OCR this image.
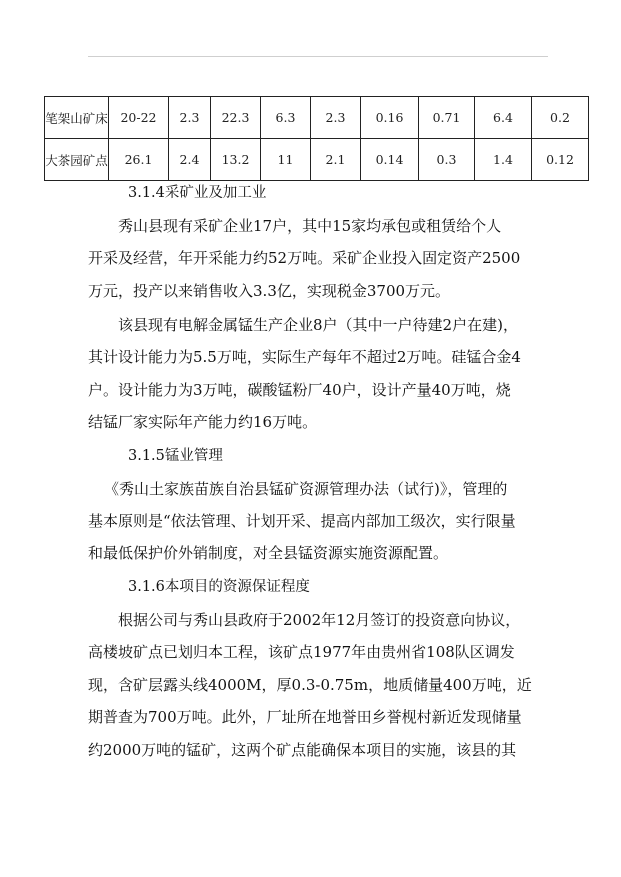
笔架山矿床	20-22	2.3	22.3	6.3	2.3	0.16	0.71	6.4	0.2
大茶园矿点	26.1	2.4	13.2	11	2.1	0.14	0.3	1.4	0.12
3.1.4采矿业及加工业
秀山县现有采矿企业17户，其中15家均承包或租赁给个人
开采及经营，年开采能力约52万吨。采矿企业投入固定资产2500
万元，投产以来销售收入3.3亿，实现税金3700万元。
该县现有电解金属锰生产企业8户（其中一户待建2户在建)，
其计设计能力为5.5万吨，实际生产每年不超过2万吨。硅锰合金4
户。设计能力为3万吨，碳酸锰粉厂40户，设计产量40万吨，烧
结锰厂家实际年产能力约16万吨。
3.1.5锰业管理
《秀山土家族苗族自治县锰矿资源管理办法（试行)》，管理的
基本原则是“依法管理、计划开采、提高内部加工级次，实行限量
和最低保护价外销制度，对全县锰资源实施资源配置。
3.1.6本项目的资源保证程度
根据公司与秀山县政府于2002年12月签订的投资意向协议，
高楼坡矿点已划归本工程，该矿点1977年由贵州省108队区调发
现，含矿层露头线4000M，厚0.3-0.75m，地质储量400万吨，近
期普查为700万吨。此外，厂址所在地誉田乡誉枧村新近发现储量
约2000万吨的锰矿，这两个矿点能确保本项目的实施，该县的其
